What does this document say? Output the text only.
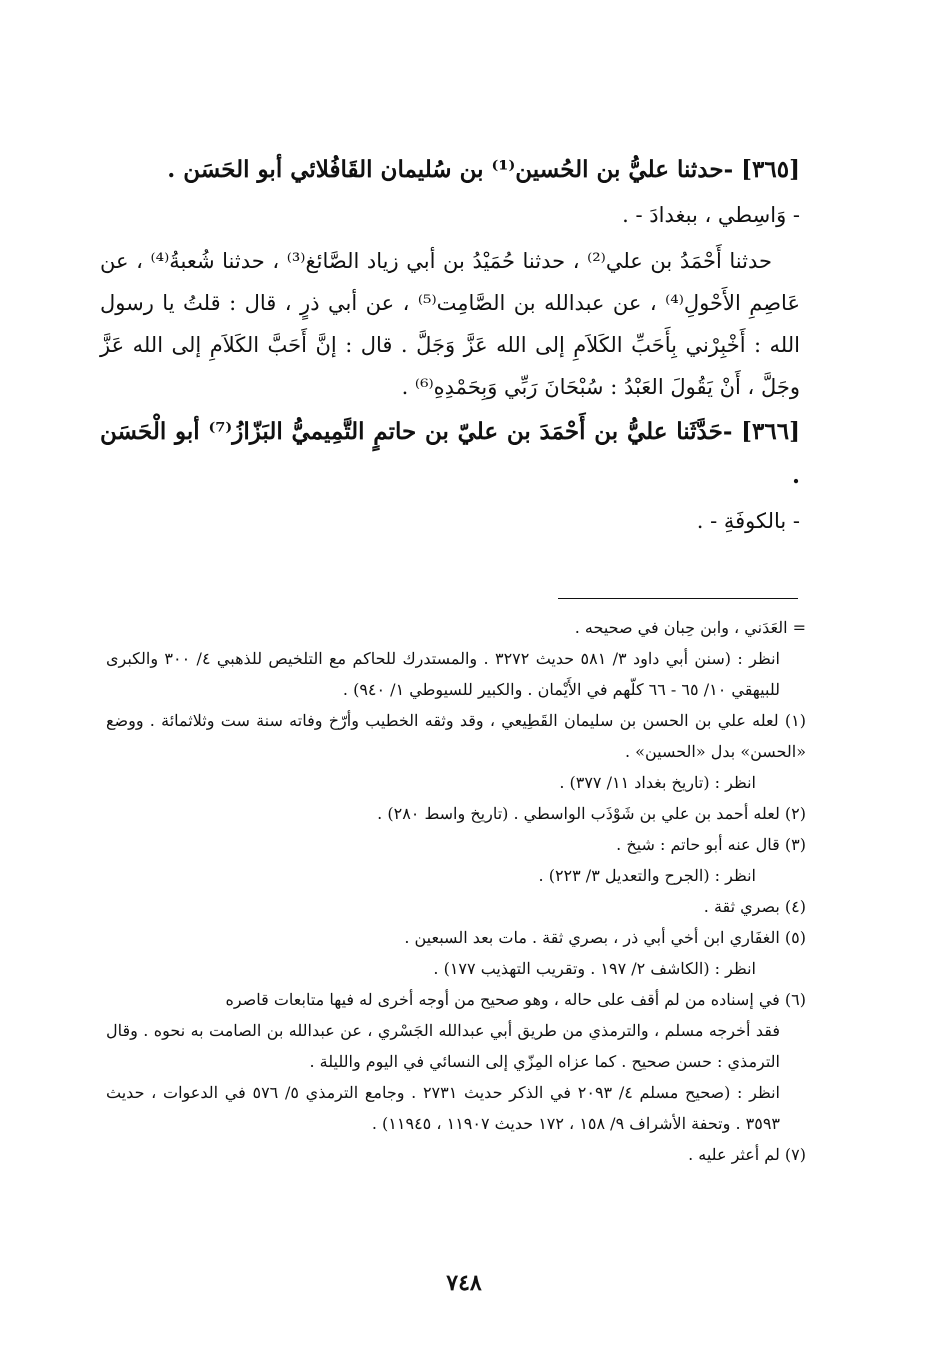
[٣٦٥] -حدثنا عليُّ بن الحُسين⁽¹⁾ بن سُليمان القَافُلائي أبو الحَسَن .

- وَاسِطي ، ببغدادَ - .

حدثنا أَحْمَدُ بن علي⁽²⁾ ، حدثنا حُمَيْدُ بن أبي زياد الصَّائغ⁽³⁾ ، حدثنا شُعبةُ⁽⁴⁾ ، عن عَاصِمِ الأَحْولِ⁽⁴⁾ ، عن عبدالله بن الصَّامِت⁽⁵⁾ ، عن أبي ذرٍ ، قال : قلتُ يا رسول الله : أَخْبِرْني بِأَحَبِّ الكَلاَمِ إلى الله عَزَّ وَجَلَّ . قال : إنَّ أَحَبَّ الكَلاَمِ إلى الله عَزَّ وجَلَّ ، أَنْ يَقُولَ العَبْدُ : سُبْحَانَ رَبِّي وَبِحَمْدِهِ⁽⁶⁾ .

[٣٦٦] -حَدَّثَنا عليُّ بن أَحْمَدَ بن عليّ بن حاتمٍ التَّمِيميُّ البَزّازُ⁽⁷⁾ أبو الْحَسَن .

- بالكوفَةِ - .

= العَدَني ، وابن حِبان في صحيحه .

انظر : (سنن أبي داود ٣/ ٥٨١ حديث ٣٢٧٢ . والمستدرك للحاكم مع التلخيص للذهبي ٤/ ٣٠٠ والكبرى للبيهقي ١٠/ ٦٥ - ٦٦ كلّهم في الأَيْمان . والكبير للسيوطي ١/ ٩٤٠) .

(١) لعله علي بن الحسن بن سليمان القَطِيعي ، وقد وثقه الخطيب وأرّخ وفاته سنة ست وثلاثمائة . ووضع «الحسن» بدل «الحسين» .

انظر : (تاريخ بغداد ١١/ ٣٧٧) .

(٢) لعله أحمد بن علي بن شَوْذَب الواسطي . (تاريخ واسط ٢٨٠) .

(٣) قال عنه أبو حاتم : شيخ .

انظر : (الجرح والتعديل ٣/ ٢٢٣) .

(٤) بصري ثقة .

(٥) الغفَاري ابن أخي أبي ذر ، بصري ثقة . مات بعد السبعين .

انظر : (الكاشف ٢/ ١٩٧ . وتقريب التهذيب ١٧٧) .

(٦) في إسناده من لم أقف على حاله ، وهو صحيح من أوجه أخرى له فيها متابعات قاصره

فقد أخرجه مسلم ، والترمذي من طريق أبي عبدالله الجَسْري ، عن عبدالله بن الصامت به نحوه . وقال الترمذي : حسن صحيح . كما عزاه المِزّي إلى النسائي في اليوم والليلة .

انظر : (صحيح مسلم ٤/ ٢٠٩٣ في الذكر حديث ٢٧٣١ . وجامع الترمذي ٥/ ٥٧٦ في الدعوات ، حديث ٣٥٩٣ . وتحفة الأشراف ٩/ ١٥٨ ، ١٧٢ حديث ١١٩٠٧ ، ١١٩٤٥) .

(٧) لم أعثر عليه .

٧٤٨
